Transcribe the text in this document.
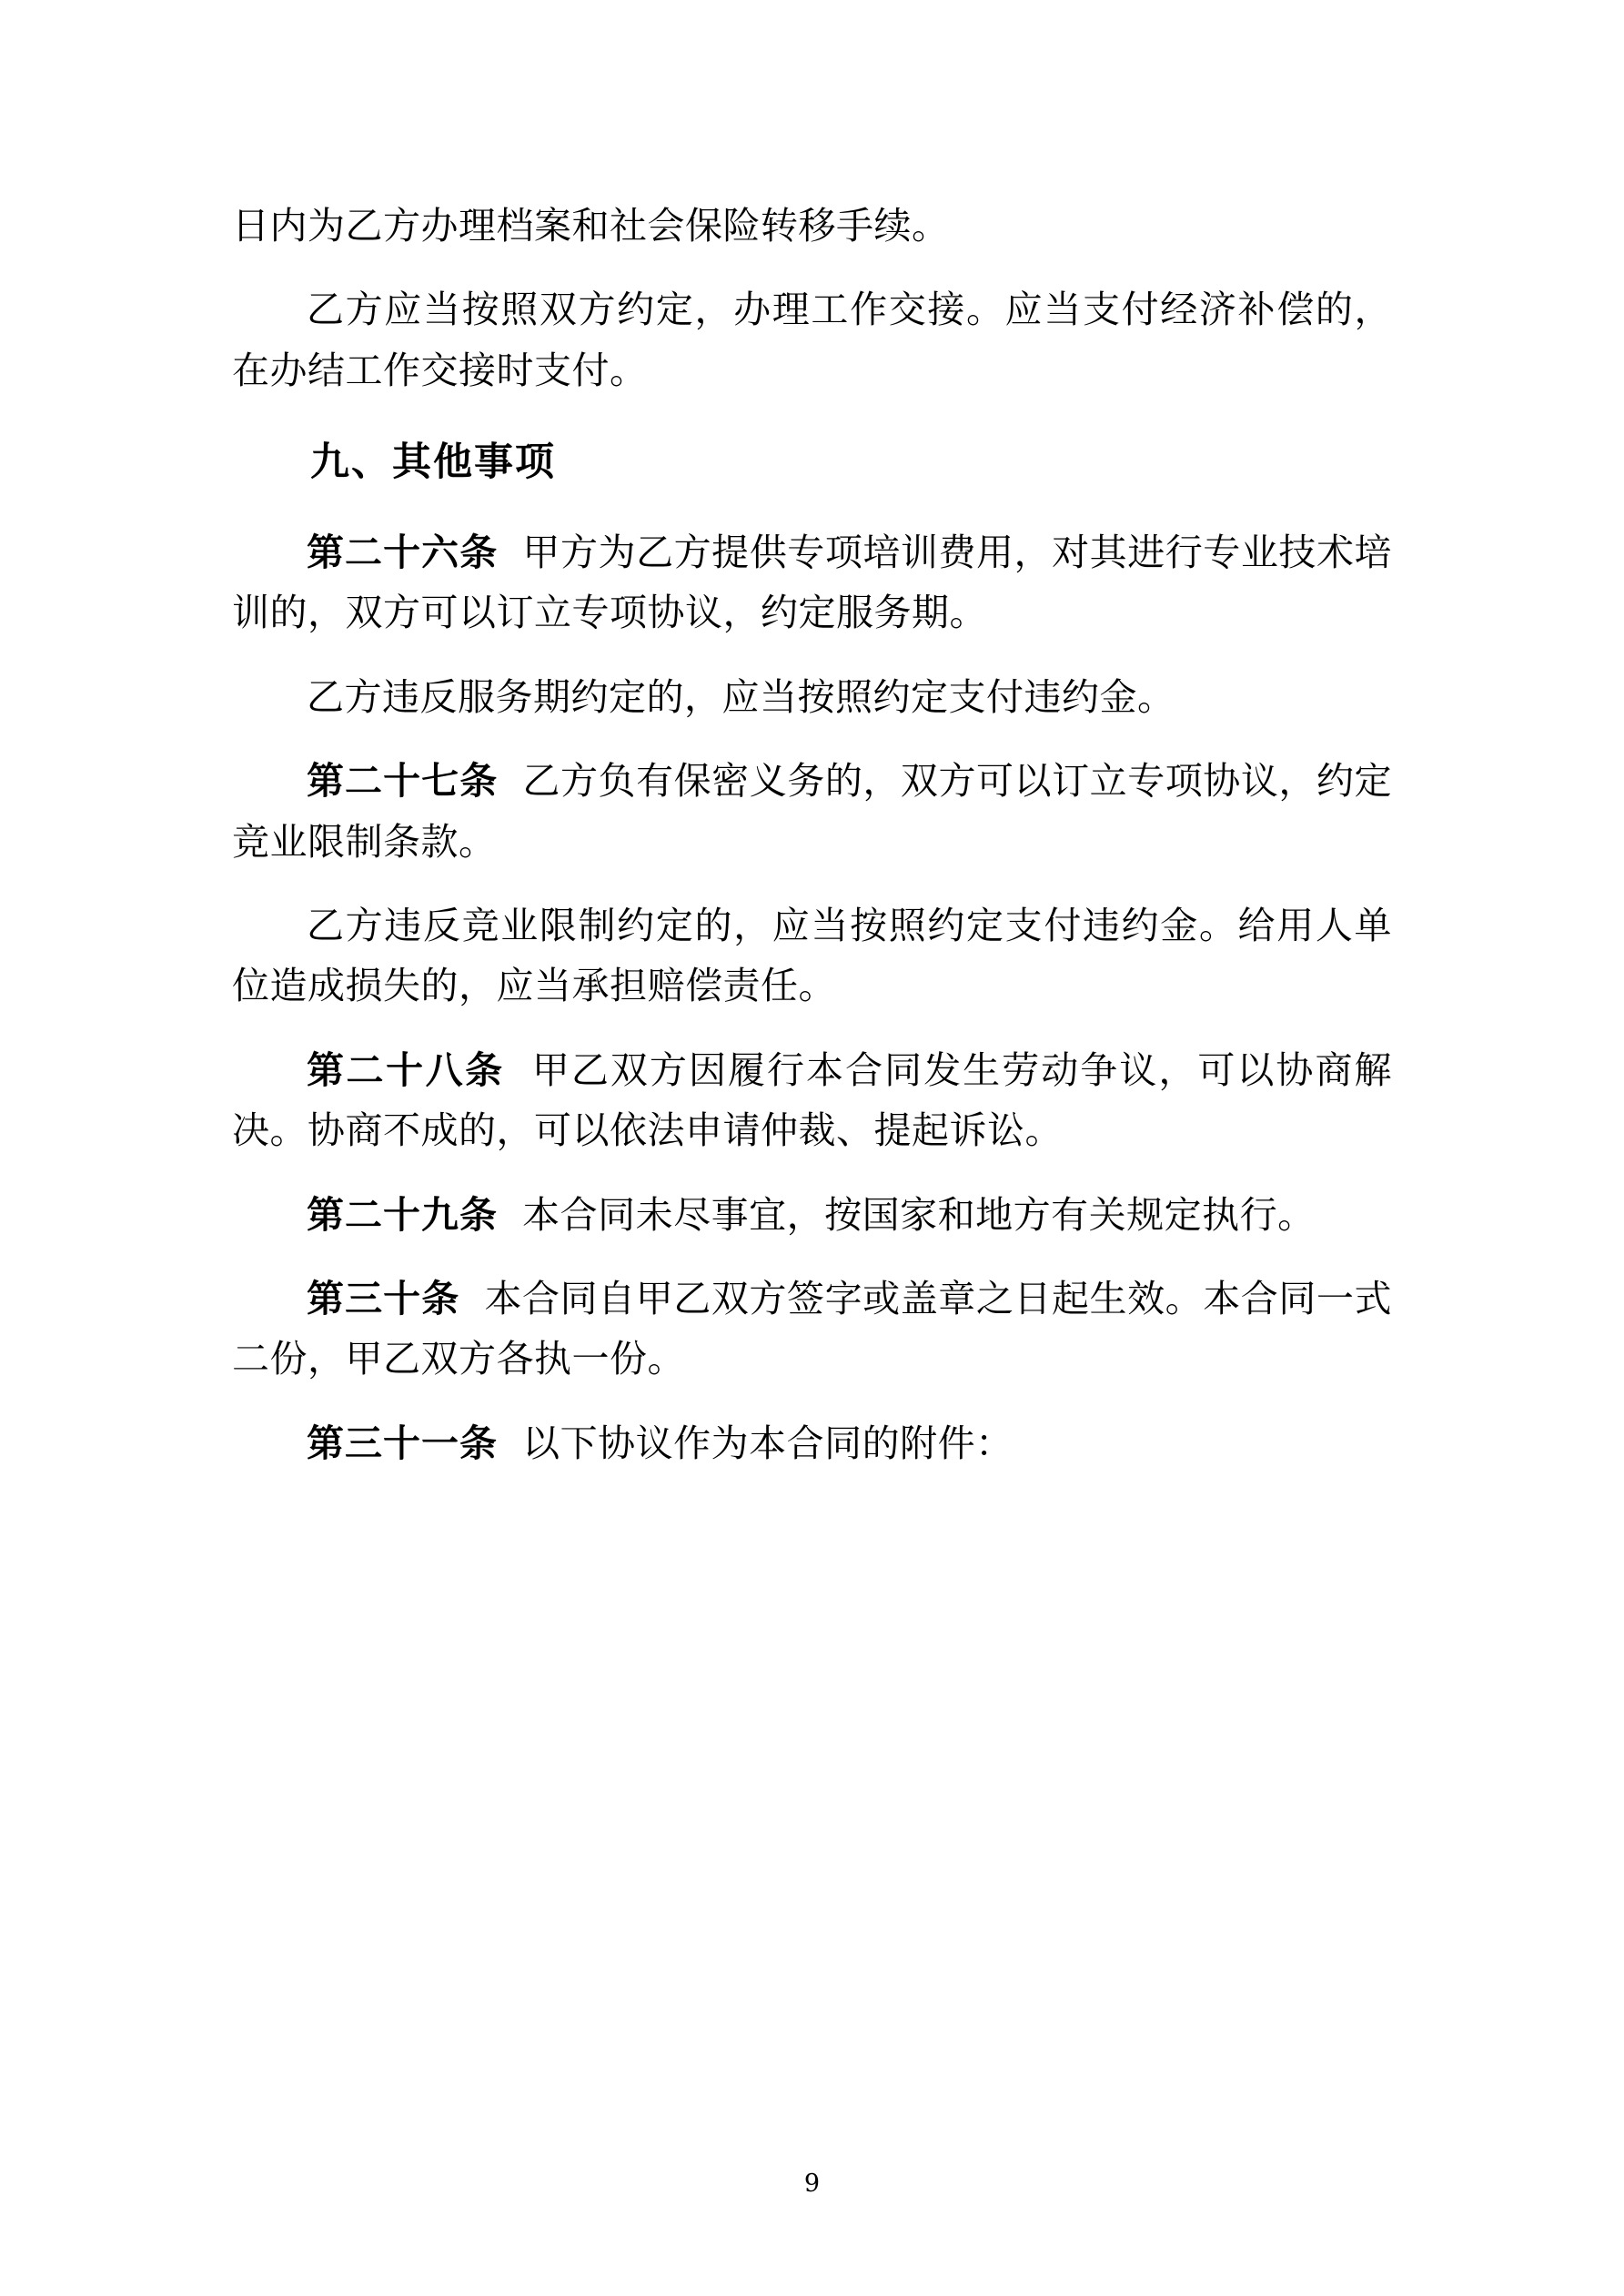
日内为乙方办理档案和社会保险转移手续。

乙方应当按照双方约定，办理工作交接。应当支付经济补偿的，在办结工作交接时支付。

九、其他事项

第二十六条 甲方为乙方提供专项培训费用，对其进行专业技术培训的，双方可以订立专项协议，约定服务期。

乙方违反服务期约定的，应当按照约定支付违约金。

第二十七条 乙方负有保密义务的，双方可以订立专项协议，约定竞业限制条款。

乙方违反竞业限制约定的，应当按照约定支付违约金。给用人单位造成损失的，应当承担赔偿责任。

第二十八条 甲乙双方因履行本合同发生劳动争议，可以协商解决。协商不成的，可以依法申请仲裁、提起诉讼。

第二十九条 本合同未尽事宜，按国家和地方有关规定执行。

第三十条 本合同自甲乙双方签字或盖章之日起生效。本合同一式二份，甲乙双方各执一份。

第三十一条 以下协议作为本合同的附件：

9
